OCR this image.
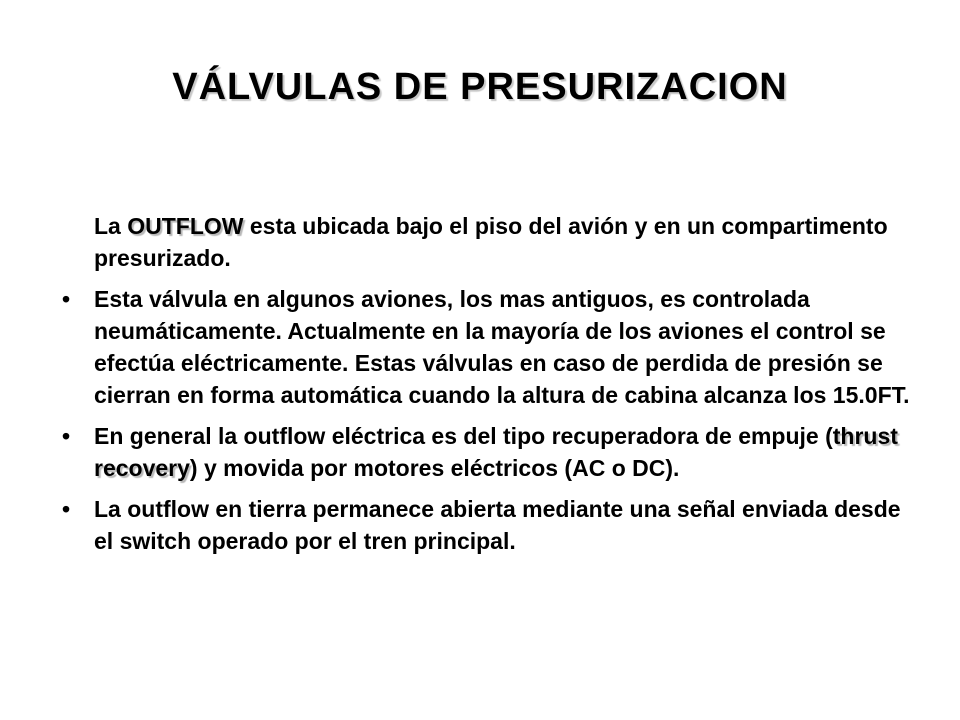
VÁLVULAS DE PRESURIZACION

La OUTFLOW esta ubicada bajo el piso del avión y en un compartimento presurizado.

•	Esta válvula en algunos aviones, los mas antiguos, es controlada neumáticamente. Actualmente en la mayoría de los aviones el control se efectúa eléctricamente. Estas válvulas en caso de perdida de presión se cierran en forma automática cuando la altura de cabina alcanza los 15.0FT.

•	En general la outflow eléctrica es del tipo recuperadora de empuje (thrust recovery) y movida por motores eléctricos (AC o DC).

•	La outflow en tierra permanece abierta mediante una señal enviada desde el switch operado por el tren principal.
